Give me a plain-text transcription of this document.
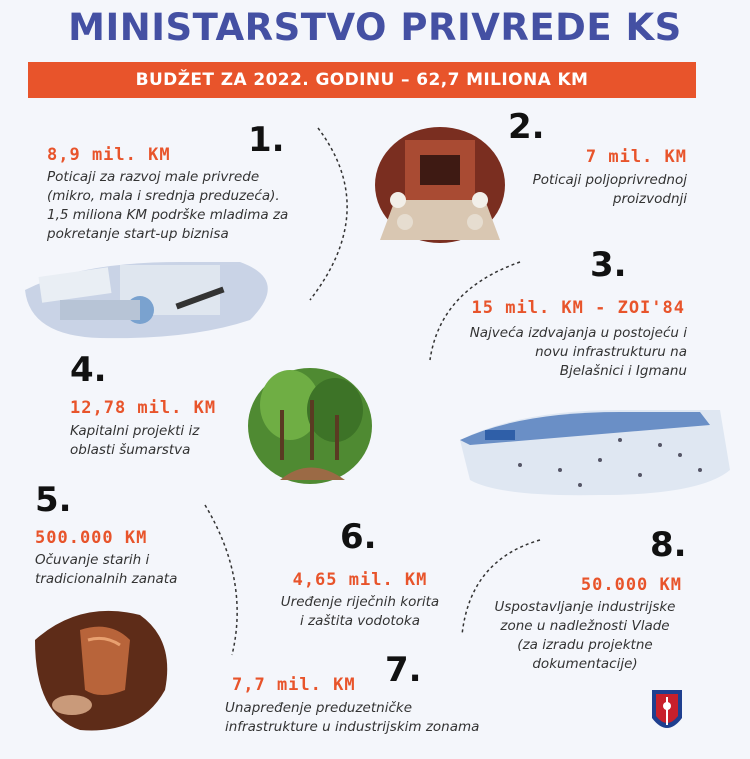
MINISTARSTVO PRIVREDE KS
BUDŽET ZA 2022. GODINU – 62,7 MILIONA KM
1.
8,9 mil. KM
Poticaji za razvoj male privrede
(mikro, mala i srednja preduzeća).
1,5 miliona KM podrške mladima za
pokretanje start-up biznisa
2.
7 mil. KM
Poticaji poljoprivrednoj
proizvodnji
3.
15 mil. KM - ZOI'84
Najveća izdvajanja u postojeću i
novu infrastrukturu na
Bjelašnici i Igmanu
4.
12,78 mil. KM
Kapitalni projekti iz
oblasti šumarstva
5.
500.000 KM
Očuvanje starih i
tradicionalnih zanata
6.
4,65 mil. KM
Uređenje riječnih korita
i zaštita vodotoka
7.
7,7 mil. KM
Unapređenje preduzetničke
infrastrukture u industrijskim zonama
8.
50.000 KM
Uspostavljanje industrijske
zone u nadležnosti Vlade
(za izradu projektne
dokumentacije)
